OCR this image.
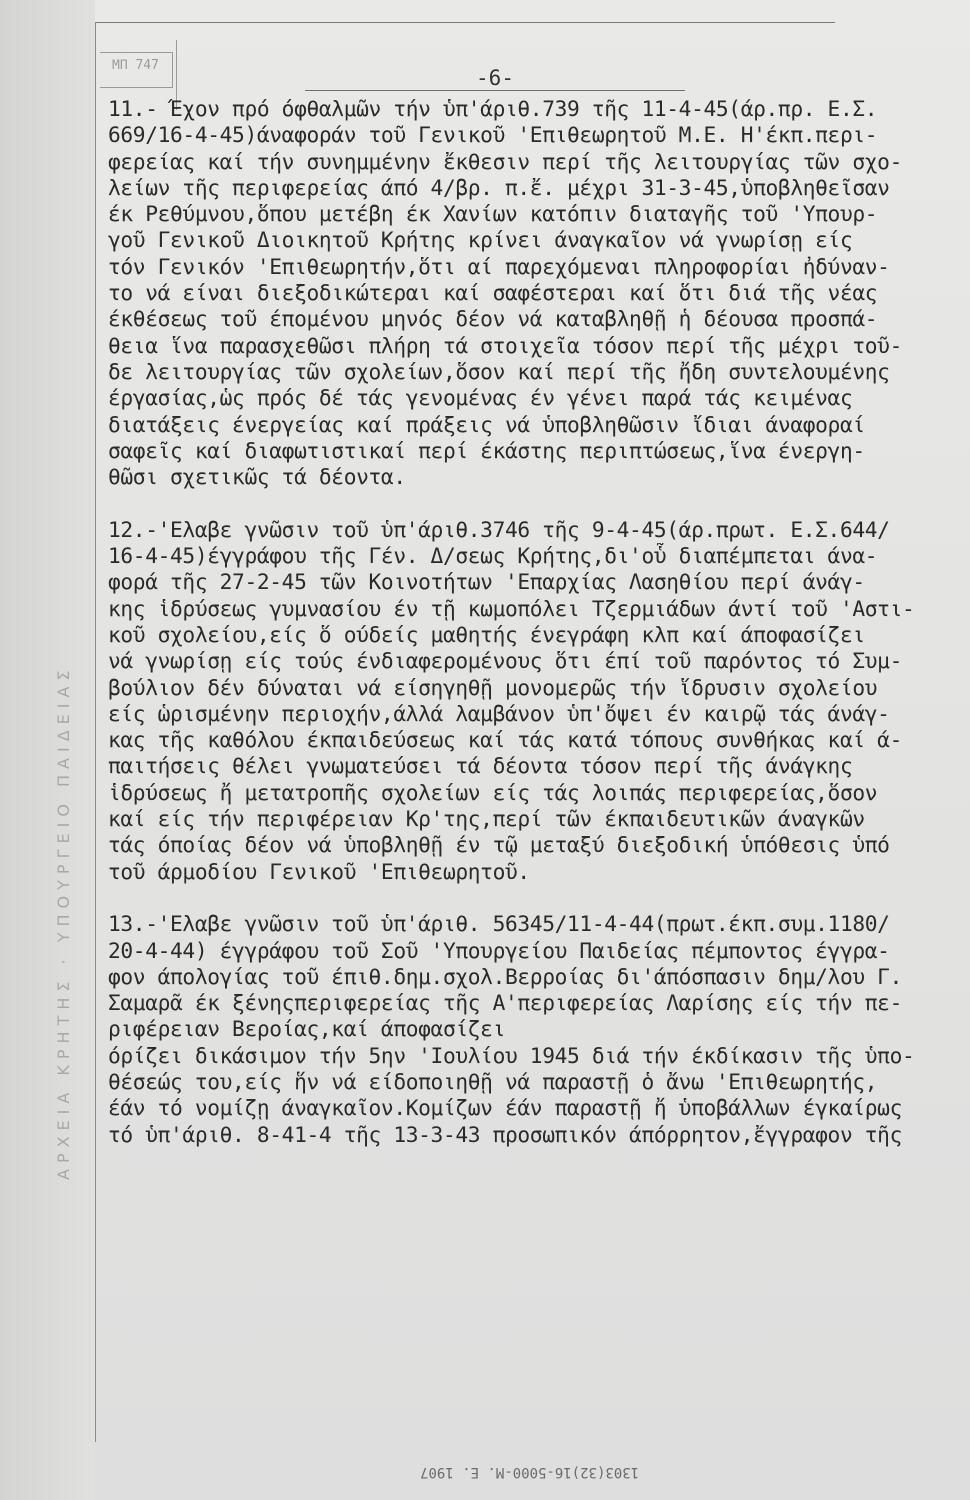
ΜΠ 747
ΑΡΧΕΙΑ ΚΡΗΤΗΣ · ΥΠΟΥΡΓΕΙΟ ΠΑΙΔΕΙΑΣ
-6-
11.- Έχον πρό όφθαλμῶν τήν ὑπ'άριθ.739 τῆς 11-4-45(άρ.πρ. Ε.Σ.
669/16-4-45)άναφοράν τοῦ Γενικοῦ 'Επιθεωρητοῦ Μ.Ε. Η'έκπ.περι-
φερείας καί τήν συνημμένην ἔκθεσιν περί τῆς λειτουργίας τῶν σχο-
λείων τῆς περιφερείας άπό 4/βρ. π.ἔ. μέχρι 31-3-45,ὑποβληθεῖσαν
έκ Ρεθύμνου,ὅπου μετέβη έκ Χανίων κατόπιν διαταγῆς τοῦ 'Υπουρ-
γοῦ Γενικοῦ Διοικητοῦ Κρήτης κρίνει άναγκαῖον νά γνωρίσῃ είς
τόν Γενικόν 'Επιθεωρητήν,ὅτι αί παρεχόμεναι πληροφορίαι ἠδύναν-
το νά είναι διεξοδικώτεραι καί σαφέστεραι καί ὅτι διά τῆς νέας
έκθέσεως τοῦ έπομένου μηνός δέον νά καταβληθῇ ἡ δέουσα προσπά-
θεια ἵνα παρασχεθῶσι πλήρη τά στοιχεῖα τόσον περί τῆς μέχρι τοῦ-
δε λειτουργίας τῶν σχολείων,ὅσον καί περί τῆς ἤδη συντελουμένης
έργασίας,ὡς πρός δέ τάς γενομένας έν γένει παρά τάς κειμένας
διατάξεις ένεργείας καί πράξεις νά ὑποβληθῶσιν ἴδιαι άναφοραί
σαφεῖς καί διαφωτιστικαί περί έκάστης περιπτώσεως,ἵνα ένεργη-
θῶσι σχετικῶς τά δέοντα.
12.-'Ελαβε γνῶσιν τοῦ ὑπ'άριθ.3746 τῆς 9-4-45(άρ.πρωτ. Ε.Σ.644/
16-4-45)έγγράφου τῆς Γέν. Δ/σεως Κρήτης,δι'οὗ διαπέμπεται άνα-
φορά τῆς 27-2-45 τῶν Κοινοτήτων 'Επαρχίας Λασηθίου περί άνάγ-
κης ἱδρύσεως γυμνασίου έν τῇ κωμοπόλει Τζερμιάδων άντί τοῦ 'Αστι-
κοῦ σχολείου,είς ὅ ούδείς μαθητής ένεγράφη κλπ καί άποφασίζει
νά γνωρίσῃ είς τούς ένδιαφερομένους ὅτι έπί τοῦ παρόντος τό Συμ-
βούλιον δέν δύναται νά είσηγηθῇ μονομερῶς τήν ἵδρυσιν σχολείου
είς ὡρισμένην περιοχήν,άλλά λαμβάνον ὑπ'ὄψει έν καιρῷ τάς άνάγ-
κας τῆς καθόλου έκπαιδεύσεως καί τάς κατά τόπους συνθήκας καί ά-
παιτήσεις θέλει γνωματεύσει τά δέοντα τόσον περί τῆς άνάγκης
ἱδρύσεως ἤ μετατροπῆς σχολείων είς τάς λοιπάς περιφερείας,ὅσον
καί είς τήν περιφέρειαν Κρ'της,περί τῶν έκπαιδευτικῶν άναγκῶν
τάς όποίας δέον νά ὑποβληθῇ έν τῷ μεταξύ διεξοδική ὑπόθεσις ὑπό
τοῦ άρμοδίου Γενικοῦ 'Επιθεωρητοῦ.
13.-'Ελαβε γνῶσιν τοῦ ὑπ'άριθ. 56345/11-4-44(πρωτ.έκπ.συμ.1180/
20-4-44) έγγράφου τοῦ Σοῦ 'Υπουργείου Παιδείας πέμποντος έγγρα-
φον άπολογίας τοῦ έπιθ.δημ.σχολ.Βερροίας δι'άπόσπασιν δημ/λου Γ.
Σαμαρᾶ έκ ξένηςπεριφερείας τῆς Α'περιφερείας Λαρίσης είς τήν πε-
ριφέρειαν Βεροίας,καί άποφασίζει
όρίζει δικάσιμον τήν 5ην 'Ιουλίου 1945 διά τήν έκδίκασιν τῆς ὑπο-
θέσεώς του,είς ἥν νά είδοποιηθῇ νά παραστῇ ὁ ἄνω 'Επιθεωρητής,
έάν τό νομίζῃ άναγκαῖον.Κομίζων έάν παραστῇ ἤ ὑποβάλλων έγκαίρως
τό ὑπ'άριθ. 8-41-4 τῆς 13-3-43 προσωπικόν άπόρρητον,ἔγγραφον τῆς
1303(32)16-5000-M. E. 1907
